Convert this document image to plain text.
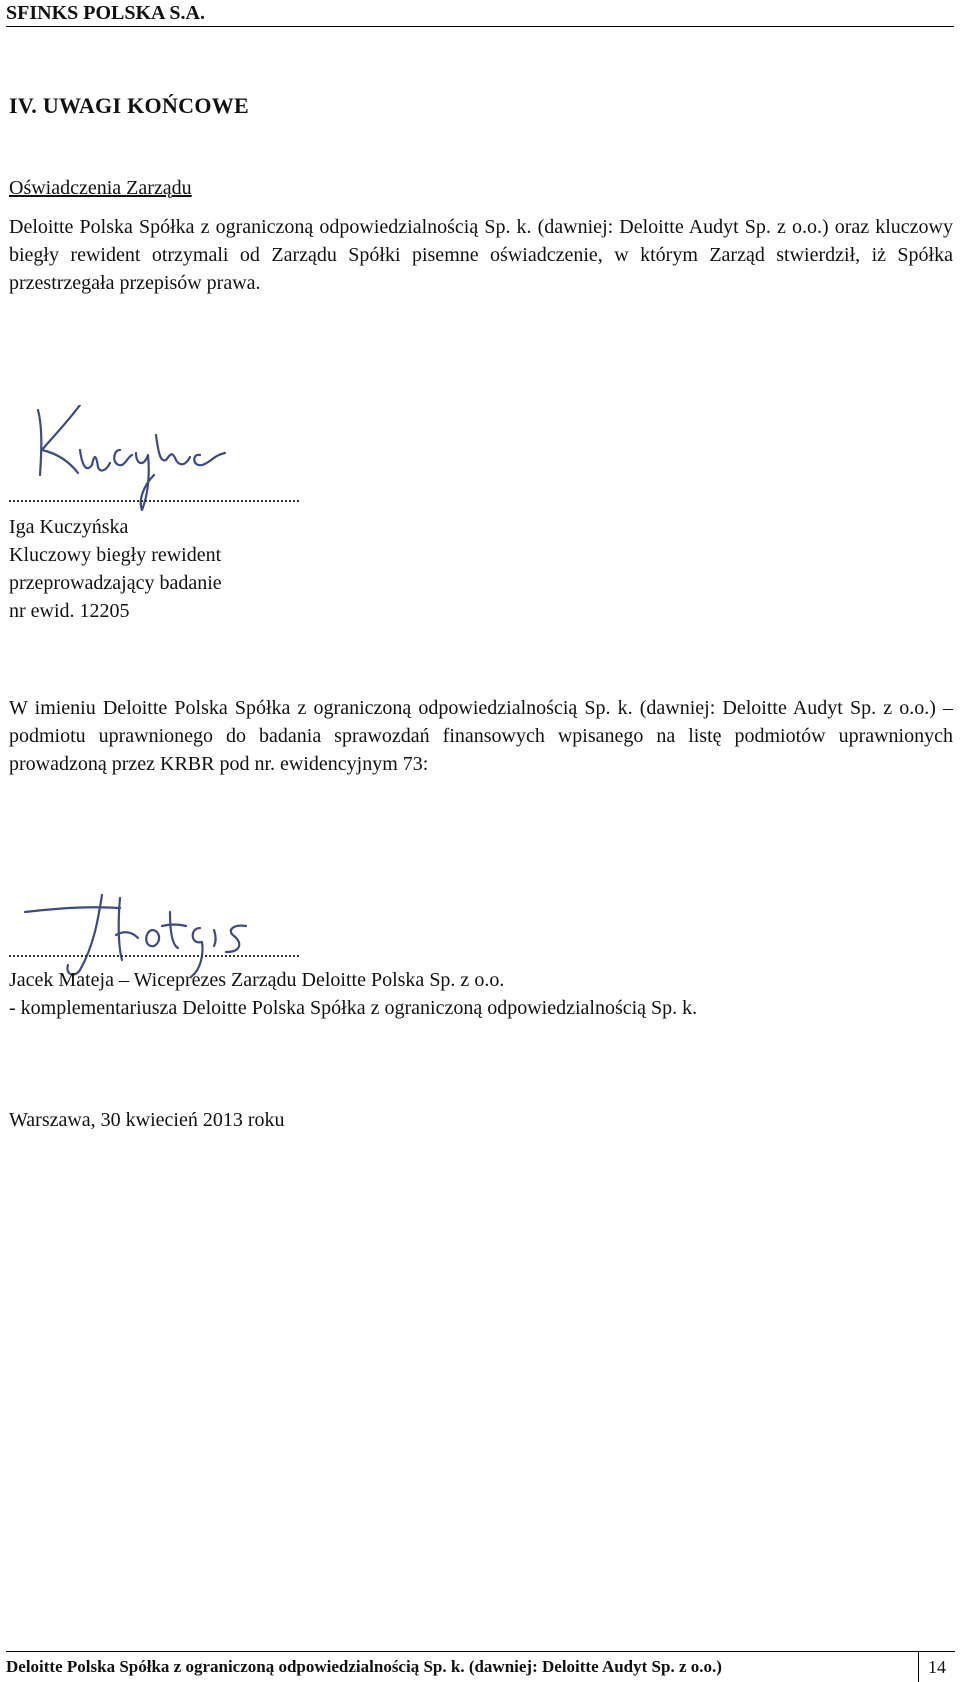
SFINKS POLSKA S.A.
IV. UWAGI KOŃCOWE
Oświadczenia Zarządu
Deloitte Polska Spółka z ograniczoną odpowiedzialnością Sp. k. (dawniej: Deloitte Audyt Sp. z o.o.) oraz kluczowy biegły rewident otrzymali od Zarządu Spółki pisemne oświadczenie, w którym Zarząd stwierdził, iż Spółka przestrzegała przepisów prawa.
Iga Kuczyńska
Kluczowy biegły rewident
przeprowadzający badanie
nr ewid. 12205
W imieniu Deloitte Polska Spółka z ograniczoną odpowiedzialnością Sp. k. (dawniej: Deloitte Audyt Sp. z o.o.) – podmiotu uprawnionego do badania sprawozdań finansowych wpisanego na listę podmiotów uprawnionych prowadzoną przez KRBR pod nr. ewidencyjnym 73:
Jacek Mateja – Wiceprezes Zarządu Deloitte Polska Sp. z o.o.
- komplementariusza Deloitte Polska Spółka z ograniczoną odpowiedzialnością Sp. k.
Warszawa, 30 kwiecień 2013 roku
Deloitte Polska Spółka z ograniczoną odpowiedzialnością Sp. k. (dawniej: Deloitte Audyt Sp. z o.o.)	14
